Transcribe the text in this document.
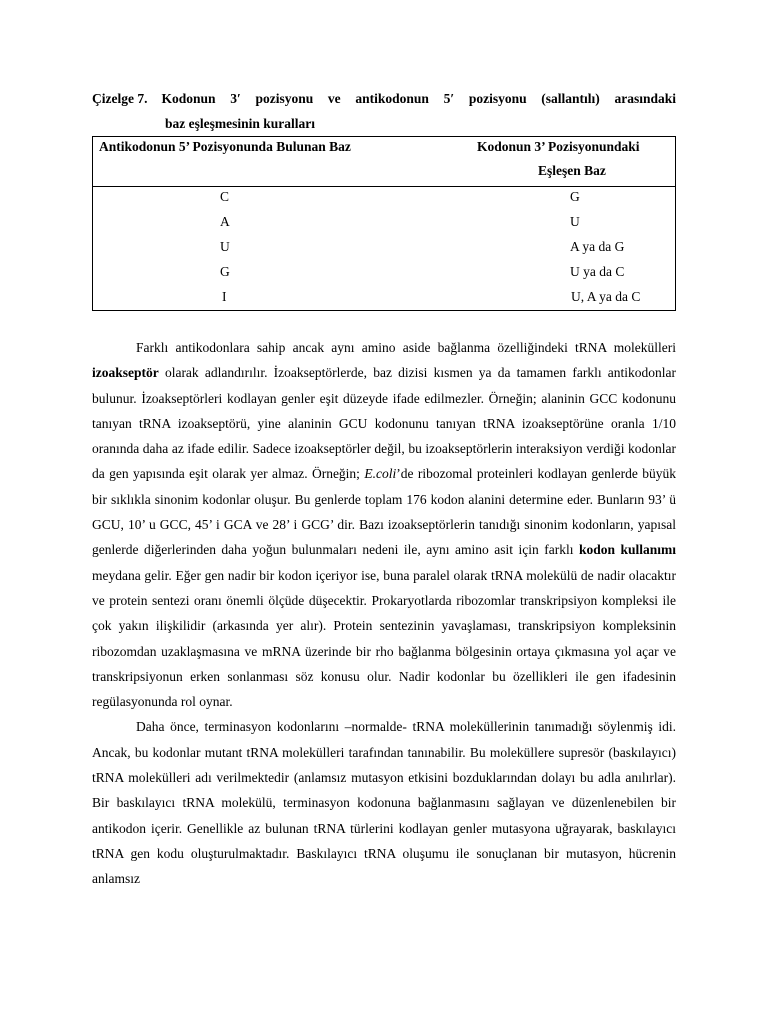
Çizelge 7. Kodonun 3′ pozisyonu ve antikodonun 5′ pozisyonu (sallantılı) arasındaki
baz eşleşmesinin kuralları
Antikodonun 5’ Pozisyonunda Bulunan Baz	Kodonun 3’ Pozisyonundaki
Eşleşen Baz
C	G
A	U
U	A ya da G
G	U ya da C
I	U, A ya da C

Farklı antikodonlara sahip ancak aynı amino aside bağlanma özelliğindeki tRNA molekülleri izoakseptör olarak adlandırılır. İzoakseptörlerde, baz dizisi kısmen ya da tamamen farklı antikodonlar bulunur. İzoakseptörleri kodlayan genler eşit düzeyde ifade edilmezler. Örneğin; alaninin GCC kodonunu tanıyan tRNA izoakseptörü, yine alaninin GCU kodonunu tanıyan tRNA izoakseptörüne oranla 1/10 oranında daha az ifade edilir. Sadece izoakseptörler değil, bu izoakseptörlerin interaksiyon verdiği kodonlar da gen yapısında eşit olarak yer almaz. Örneğin; E.coli’de ribozomal proteinleri kodlayan genlerde büyük bir sıklıkla sinonim kodonlar oluşur. Bu genlerde toplam 176 kodon alanini determine eder. Bunların 93’ ü GCU, 10’ u GCC, 45’ i GCA ve 28’ i GCG’ dir. Bazı izoakseptörlerin tanıdığı sinonim kodonların, yapısal genlerde diğerlerinden daha yoğun bulunmaları nedeni ile, aynı amino asit için farklı kodon kullanımı meydana gelir. Eğer gen nadir bir kodon içeriyor ise, buna paralel olarak tRNA molekülü de nadir olacaktır ve protein sentezi oranı önemli ölçüde düşecektir. Prokaryotlarda ribozomlar transkripsiyon kompleksi ile çok yakın ilişkilidir (arkasında yer alır). Protein sentezinin yavaşlaması, transkripsiyon kompleksinin ribozomdan uzaklaşmasına ve mRNA üzerinde bir rho bağlanma bölgesinin ortaya çıkmasına yol açar ve transkripsiyonun erken sonlanması söz konusu olur. Nadir kodonlar bu özellikleri ile gen ifadesinin regülasyonunda rol oynar.

Daha önce, terminasyon kodonlarını –normalde- tRNA moleküllerinin tanımadığı söylenmiş idi. Ancak, bu kodonlar mutant tRNA molekülleri tarafından tanınabilir. Bu moleküllere supresör (baskılayıcı) tRNA molekülleri adı verilmektedir (anlamsız mutasyon etkisini bozduklarından dolayı bu adla anılırlar). Bir baskılayıcı tRNA molekülü, terminasyon kodonuna bağlanmasını sağlayan ve düzenlenebilen bir antikodon içerir. Genellikle az bulunan tRNA türlerini kodlayan genler mutasyona uğrayarak, baskılayıcı tRNA gen kodu oluşturulmaktadır. Baskılayıcı tRNA oluşumu ile sonuçlanan bir mutasyon, hücrenin anlamsız
